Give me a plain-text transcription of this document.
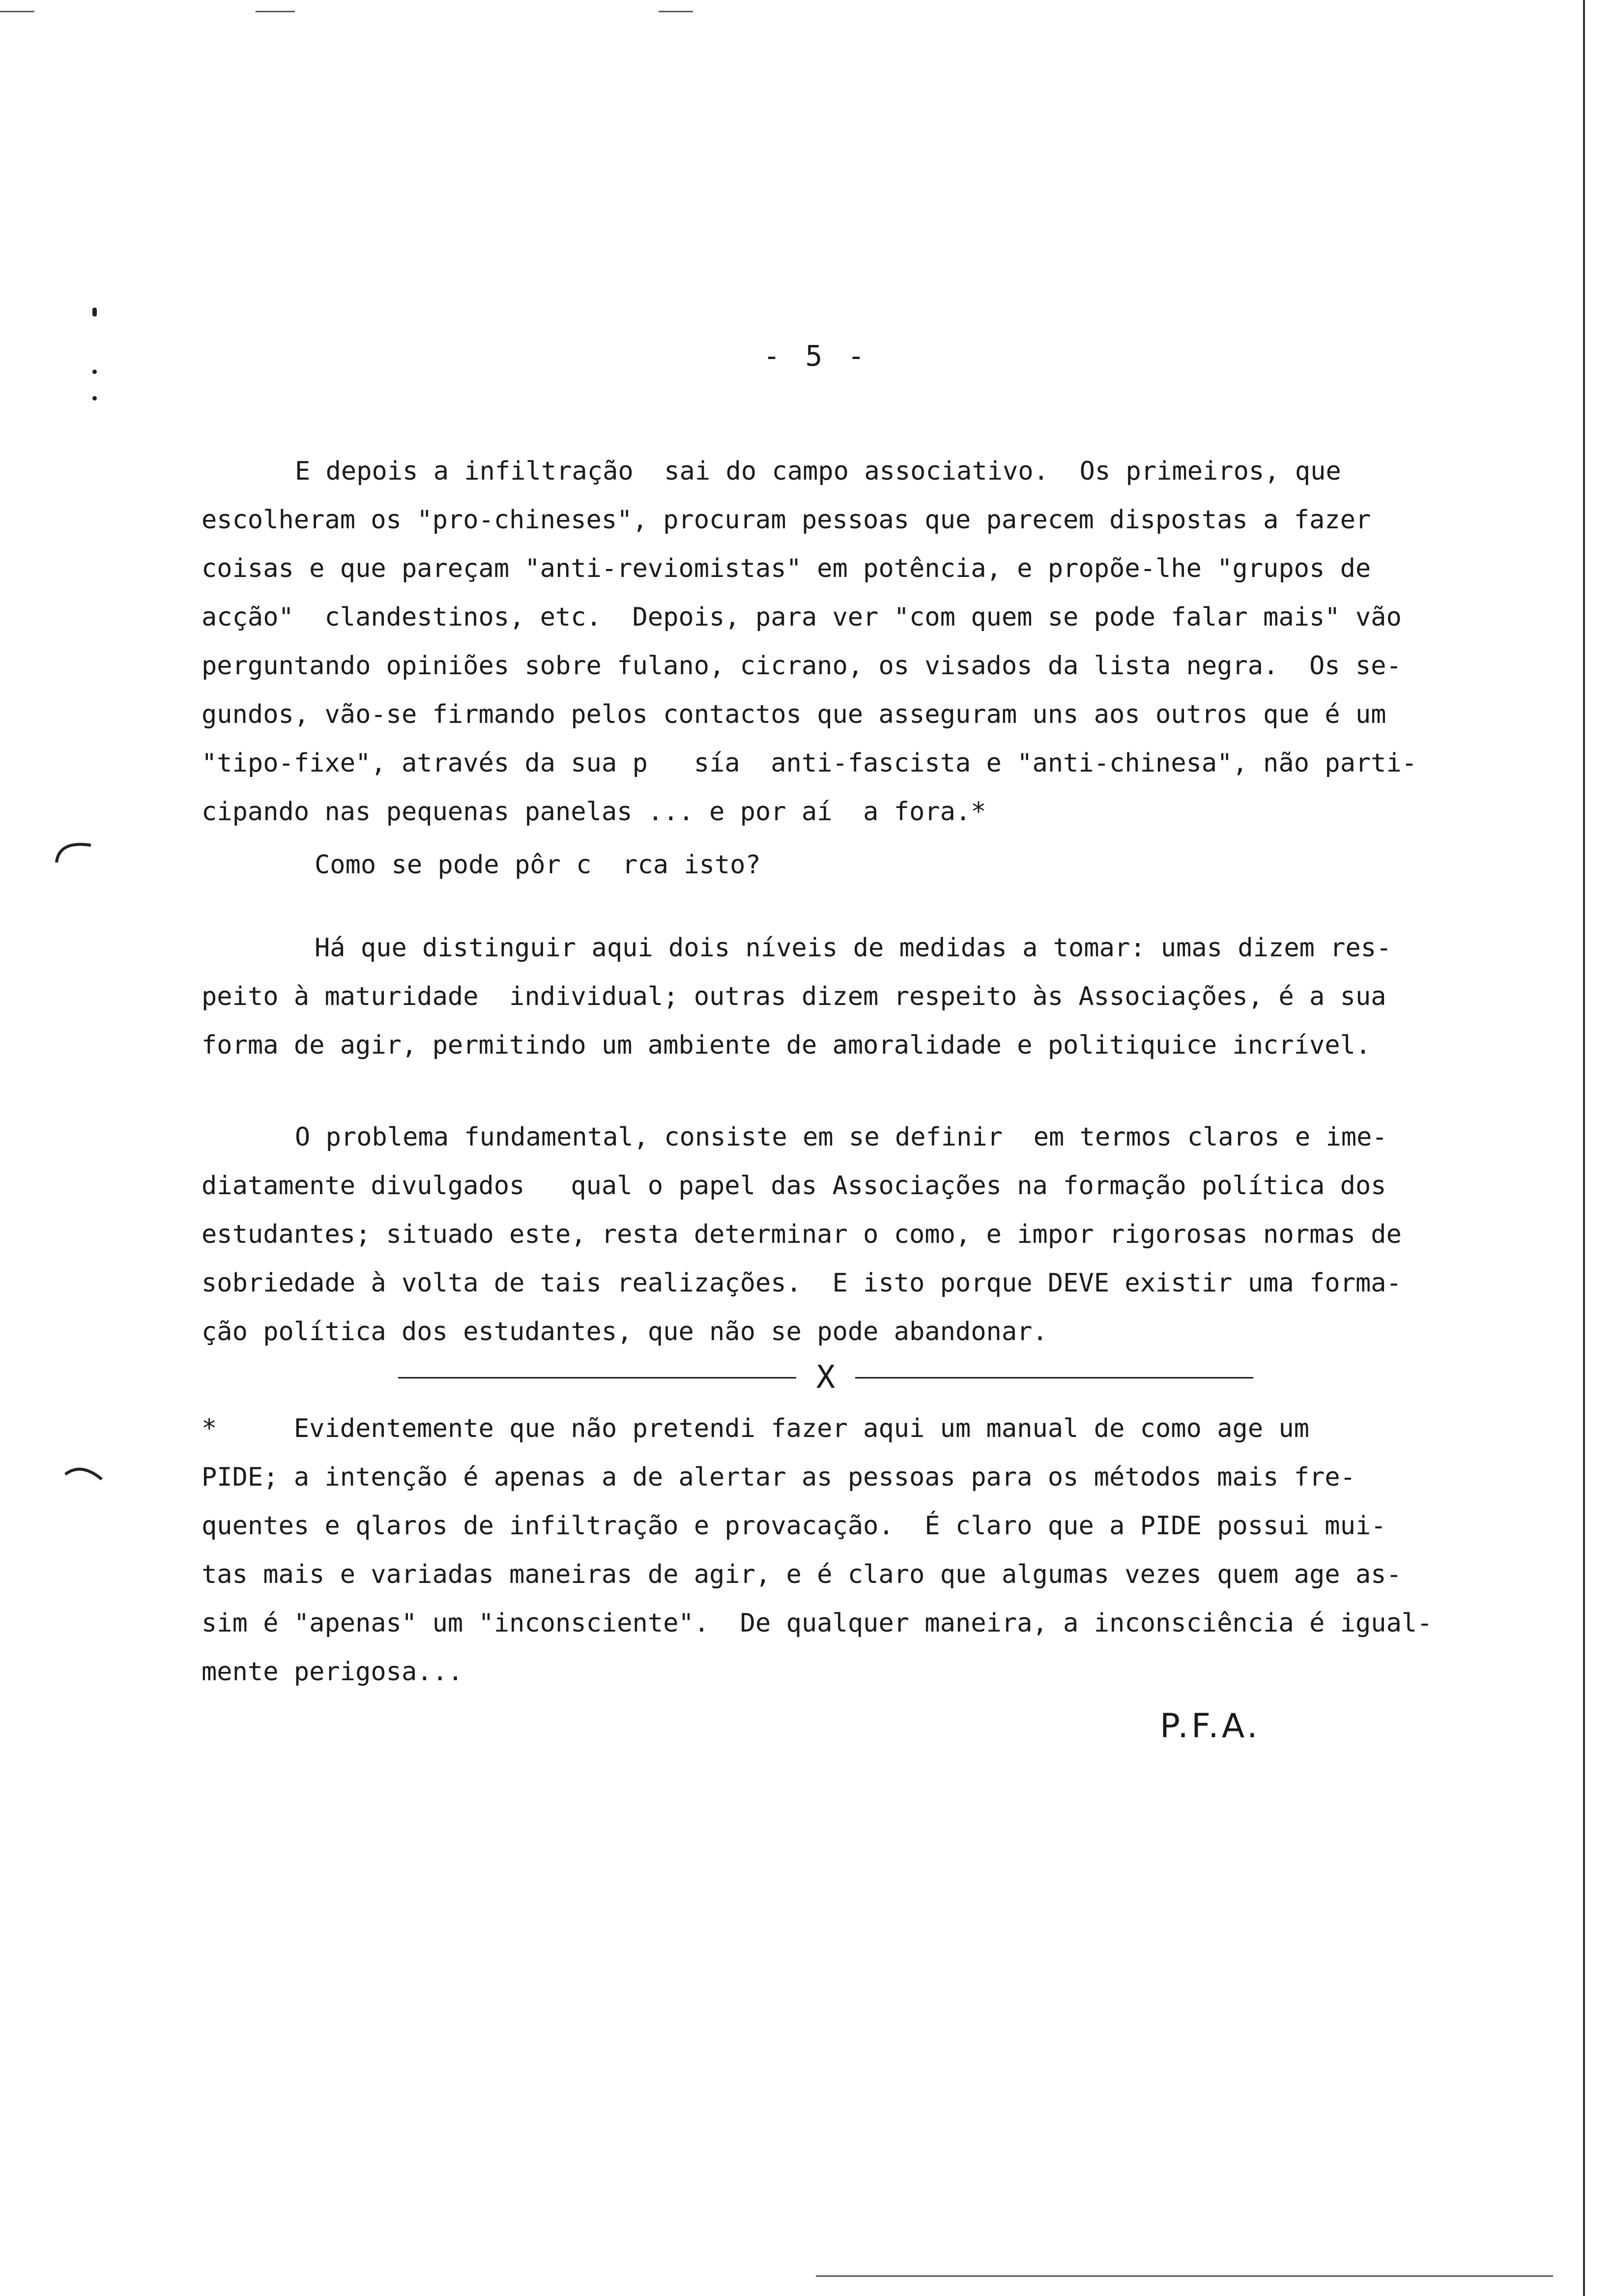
- 5 -
E depois a infiltração  sai do campo associativo.  Os primeiros, que
escolheram os "pro-chineses", procuram pessoas que parecem dispostas a fazer
coisas e que pareçam "anti-reviomistas" em potência, e propõe-lhe "grupos de
acção"  clandestinos, etc.  Depois, para ver "com quem se pode falar mais" vão
perguntando opiniões sobre fulano, cicrano, os visados da lista negra.  Os se-
gundos, vão-se firmando pelos contactos que asseguram uns aos outros que é um
"tipo-fixe", através da sua p   sía  anti-fascista e "anti-chinesa", não parti-
cipando nas pequenas panelas ... e por aí  a fora.*
Como se pode pôr c  rca isto?
Há que distinguir aqui dois níveis de medidas a tomar: umas dizem res-
peito à maturidade  individual; outras dizem respeito às Associações, é a sua
forma de agir, permitindo um ambiente de amoralidade e politiquice incrível.
O problema fundamental, consiste em se definir  em termos claros e ime-
diatamente divulgados   qual o papel das Associações na formação política dos
estudantes; situado este, resta determinar o como, e impor rigorosas normas de
sobriedade à volta de tais realizações.  E isto porque DEVE existir uma forma-
ção política dos estudantes, que não se pode abandonar.
X
*     Evidentemente que não pretendi fazer aqui um manual de como age um
PIDE; a intenção é apenas a de alertar as pessoas para os métodos mais fre-
quentes e qlaros de infiltração e provacação.  É claro que a PIDE possui mui-
tas mais e variadas maneiras de agir, e é claro que algumas vezes quem age as-
sim é "apenas" um "inconsciente".  De qualquer maneira, a inconsciência é igual-
mente perigosa...
P.F.A.
